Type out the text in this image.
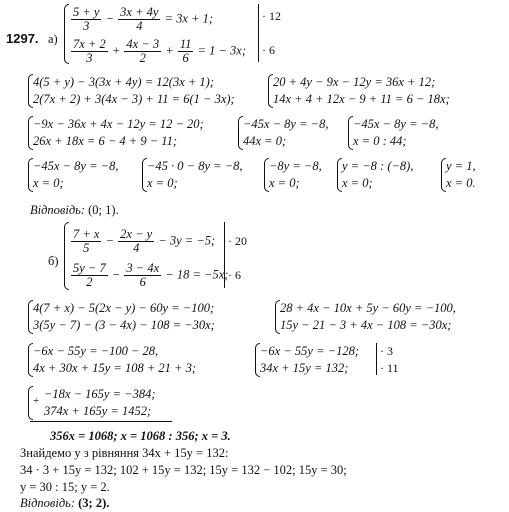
1297. а)
$\frac{5 + y}{3} - \frac{3x + 4y}{4} = 3x + 1$;
$\frac{7x + 2}{3} + \frac{4x - 3}{2} + \frac{11}{6} = 1 - 3x$;
· 12
· 6
4(5 + y) − 3(3x + 4y) = 12(3x + 1);
2(7x + 2) + 3(4x − 3) + 11 = 6(1 − 3x);
20 + 4y − 9x − 12y = 36x + 12;
14x + 4 + 12x − 9 + 11 = 6 − 18x;
−9x − 36x + 4x − 12y = 12 − 20;
26x + 18x = 6 − 4 + 9 − 11;
−45x − 8y = −8,
44x = 0;
−45x − 8y = −8,
x = 0 : 44;
−45x − 8y = −8,
x = 0;
−45 · 0 − 8y = −8,
x = 0;
−8y = −8,
x = 0;
y = −8 : (−8),
x = 0;
y = 1,
x = 0.
Відповідь: (0; 1).
б)
$\frac{7 + x}{5} - \frac{2x - y}{4} - 3y = -5$;
$\frac{5y - 7}{2} - \frac{3 - 4x}{6} - 18 = -5x$;
· 20
· 6
4(7 + x) − 5(2x − y) − 60y = −100;
3(5y − 7) − (3 − 4x) − 108 = −30x;
28 + 4x − 10x + 5y − 60y = −100,
15y − 21 − 3 + 4x − 108 = −30x;
−6x − 55y = −100 − 28,
4x + 30x + 15y = 108 + 21 + 3;
−6x − 55y = −128;
34x + 15y = 132;
· 3
· 11
+ −18x − 165y = −384;
374x + 165y = 1452;
356x = 1068; x = 1068 : 356; x = 3.
Знайдемо y з рівняння 34x + 15y = 132:
34 · 3 + 15y = 132; 102 + 15y = 132; 15y = 132 − 102; 15y = 30;
y = 30 : 15; y = 2.
Відповідь: (3; 2).
